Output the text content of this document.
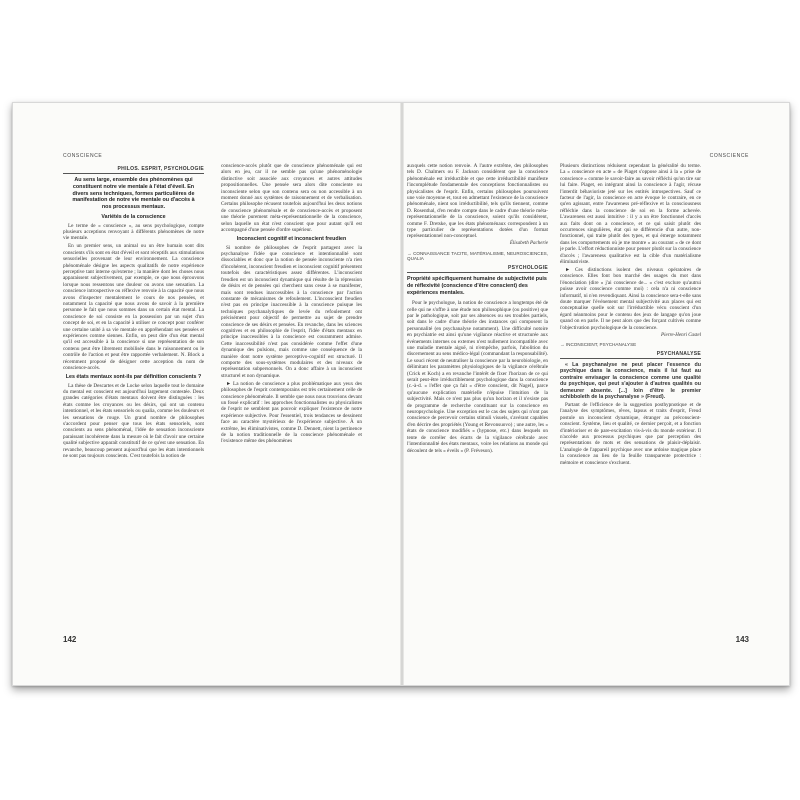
CONSCIENCE
PHILOS. ESPRIT, PSYCHOLOGIE
Au sens large, ensemble des phénomènes qui constituent notre vie mentale à l'état d'éveil. En divers sens techniques, formes particulières de manifestation de notre vie mentale ou d'accès à nos processus mentaux.
Variétés de la conscience

Le terme de « conscience », au sens psychologique, compte plusieurs acceptions renvoyant à différents phénomènes de notre vie mentale.

En un premier sens, un animal ou un être humain sont dits conscients s'ils sont en état d'éveil et sont réceptifs aux stimulations sensorielles provenant de leur environnement. La conscience phénoménale désigne les aspects qualitatifs de notre expérience perceptive tant interne qu'externe ; la manière dont les choses nous apparaissent subjectivement, par exemple, ce que nous éprouvons lorsque nous ressentons une douleur ou avons une sensation. La conscience introspective ou réflexive renvoie à la capacité que nous avons d'inspecter mentalement le cours de nos pensées, et notamment la capacité que nous avons de savoir à la première personne le fait que nous sommes dans un certain état mental. La conscience de soi consiste en la possession par un sujet d'un concept de soi, et en la capacité à utiliser ce concept pour conférer une certaine unité à sa vie mentale en appréhendant ses pensées et expériences comme siennes. Enfin, on peut dire d'un état mental qu'il est accessible à la conscience si une représentation de son contenu peut être librement mobilisée dans le raisonnement ou le contrôle de l'action et peut être rapportée verbalement. N. Block a récemment proposé de désigner cette acception du nom de conscience-accès.

Les états mentaux sont-ils par définition conscients ?

La thèse de Descartes et de Locke selon laquelle tout le domaine du mental est conscient est aujourd'hui largement contestée. Deux grandes catégories d'états mentaux doivent être distinguées : les états comme les croyances ou les désirs, qui ont un contenu intentionnel, et les états sensoriels ou qualia, comme les douleurs et les sensations de rouge. Un grand nombre de philosophes s'accordent pour penser que tous les états sensoriels, sont conscients au sens phénoménal, l'idée de sensation inconsciente paraissant incohérente dans la mesure où le fait d'avoir une certaine qualité subjective apparaît constitutif de ce qu'est une sensation. En revanche, beaucoup pensent aujourd'hui que les états intentionnels ne sont pas toujours conscients. C'est toutefois la notion de

conscience-accès plutôt que de conscience phénoménale qui est alors en jeu, car il ne semble pas qu'une phénoménologie distinctive soit associée aux croyances et autres attitudes propositionnelles. Une pensée sera alors dite consciente ou inconsciente selon que son contenu sera ou non accessible à un moment donné aux systèmes de raisonnement et de verbalisation. Certains philosophe récusent toutefois aujourd'hui les deux notions de conscience phénoménale et de conscience-accès et proposent une théorie purement méta-représentationnelle de la conscience, selon laquelle un état n'est conscient que pour autant qu'il est accompagné d'une pensée d'ordre supérieur.

Inconscient cognitif et inconscient freudien

Si nombre de philosophes de l'esprit partagent avec la psychanalyse l'idée que conscience et intentionnalité sont dissociables et donc que la notion de pensée inconsciente n'a rien d'incohérent, inconscient freudien et inconscient cognitif présentent toutefois des caractéristiques assez différentes. L'inconscient freudien est un inconscient dynamique qui résulte de la répression de désirs et de pensées qui cherchent sans cesse à se manifester, mais sont rendues inaccessibles à la conscience par l'action constante de mécanismes de refoulement. L'inconscient freudien n'est pas en principe inaccessible à la conscience puisque les techniques psychanalytiques de levée du refoulement ont précisément pour objectif de permettre au sujet de prendre conscience de ses désirs et pensées. En revanche, dans les sciences cognitives et en philosophie de l'esprit, l'idée d'états mentaux en principe inaccessibles à la conscience est couramment admise. Cette inaccessibilité n'est pas considérée comme l'effet d'une dynamique des pulsions, mais comme une conséquence de la manière dont notre système perceptivo-cognitif est structuré. Il comporte des sous-systèmes modulaires et des niveaux de représentation subpersonnels. On a donc affaire à un inconscient structurel et non dynamique.

► La notion de conscience a plus problématique aux yeux des philosophes de l'esprit contemporains est très certainement celle de conscience phénoménale. Il semble que nous nous trouvions devant un fossé explicatif : les approches fonctionnalistes ou physicalistes de l'esprit ne semblent pas pouvoir expliquer l'existence de notre expérience subjective. Pour l'essentiel, trois tendances se dessinent face au caractère mystérieux de l'expérience subjective. À un extrême, les éliminativistes, comme D. Dennett, nient la pertinence de la notion traditionnelle de la conscience phénoménale et l'existence même des phénomènes

142
CONSCIENCE

auxquels cette notion renvoie. À l'autre extrême, des philosophes tels D. Chalmers ou F. Jackson considèrent que la conscience phénoménale est irréductible et que cette irréductibilité manifeste l'incomplétude fondamentale des conceptions fonctionnalistes ou physicalistes de l'esprit. Enfin, certains philosophes poursuivent une voie moyenne et, tout en admettant l'existence de la conscience phénoménale, nient son irréductibilité, tels qu'ils tiennent, comme D. Rosenthal, d'en rendre compte dans le cadre d'une théorie méta-représentationnelle de la conscience, soient qu'ils considèrent, comme F. Dretske, que les états phénoménaux correspondent à un type particulier de représentations dotées d'un format représentationnel non-conceptuel.

Élisabeth Pacherie
→ CONNAISSANCE TACITE, MATÉRIALISME, NEUROSCIENCES, QUALIA
PSYCHOLOGIE
Propriété spécifiquement humaine de subjectivité puis de réflexivité (conscience d'être conscient) des expériences mentales.

Pour le psychologue, la notion de conscience a longtemps été de celle qui ne s'offre à une étude non philosophique (ou positive) que par le pathologique, soit par ses absences ou ses troubles partiels, soit dans le cadre d'une théorie des instances qui composent la personnalité (en psychanalyse notamment). Une difficulté notoire en psychiatrie est ainsi qu'une vigilance réactive et structurée aux événements internes ou externes n'est nullement incompatible avec une maladie mentale aiguë, ni n'empêche, parfois, l'abolition du discernement au sens médico-légal (commandant la responsabilité). Le souci récent de neutraliser la conscience par la neurobiologie, en délimitant les paramètres physiologiques de la vigilance cérébrale (Crick et Koch) a en revanche l'intérêt de fixer l'horizon de ce qui serait peut-être irréductiblement psychologique dans la conscience (c.-à-d. « l'effet que ça fait » d'être conscient, dit Nagel), parce qu'aucune explication matérielle n'épuise l'intuition de la subjectivité. Mais ce n'est pas plus qu'un horizon et il n'existe pas de programme de recherche constituant sur la conscience en neuropsychologie. Une exception est le cas des sujets qui n'ont pas conscience de percevoir certains stimuli visuels, s'avérant capables d'en décrire des propriétés (Young et Revonsuovo) ; une autre, les « états de conscience modifiés » (hypnose, etc.) dans lesquels on tente de corréler des écarts de la vigilance cérébrale avec l'intentionnalité des états mentaux, voire les relations au monde qui découlent de tels « éveils » (P. Fréveson).

Plusieurs distinctions réduisent cependant la généralité du terme. La « conscience en acte » de Piaget s'oppose ainsi à la « prise de conscience » comme le savoir-faire au savoir réfléchi qu'on tire sur lui faire. Piaget, en intégrant ainsi la conscience à l'agir, récuse l'interdit béhavioriste jeté sur les entités introspectives. Sauf ce facteur de l'agir, la conscience en acte évoque le contraire, en ce qu'en agissant, entre l'awareness pré-réflexive et la consciousness réfléchie dans la conscience de soi en la forme achevée. L'awareness est aussi intuitive : il y a un être fonctionnel d'accès aux faits dont on a conscience, et ce qui saisit plutôt des occurrences singulières, état qui se différencie d'un autre, non-fonctionnel, qui traite plutôt des types, et qui émerge notamment dans les comportements où je me montre « au courant » de ce dont je parle. L'effort réductionniste pour penser plutôt sur la conscience d'accès ; l'awareness qualitative est la cible d'un matérialisme éliminativiste.

► Ces distinctions isolent des niveaux opératoires de conscience. Elles font bon marché des usages du mot dans l'énonciation (dire « j'ai conscience de... » c'est exclure qu'autrui puisse avoir conscience comme moi) : cela n'a ni conscience informatif, ni n'en revendiquant. Ainsi la conscience sera-t-elle sans doute marquer l'événement mental subjectivité aux places qui est conceptualise quelle soit sur l'irréductible vécu conscient d'un égard néanmoins pour le contenu des jeux de langage qu'on joue quand on en parle. Il ne peut alors que des forçant cultivés comme l'objectivation psychologique de la conscience.

Pierre-Henri Castel
→ INCONSCIENT, PSYCHANALYSE
PSYCHANALYSE

« La psychanalyse ne peut placer l'essence du psychique dans la conscience, mais il lui faut au contraire envisager la conscience comme une qualité du psychique, qui peut s'ajouter à d'autres qualités ou demeurer absente. [...] loin d'être le premier schibboleth de la psychanalyse » (Freud).

Partant de l'efficience de la suggestion posthypnotique et de l'analyse des symptômes, rêves, lapsus et traits d'esprit, Freud postule un inconscient dynamique, étranger au préconscient-conscient. Système, lieu et qualité, ce dernier perçoit, et a fonction d'intérioriser et de pare-excitation vis-à-vis du monde extérieur. Il n'accède aux processus psychiques que par perception des représentations de mots et des sensations de plaisir-déplaisir. L'analogie de l'appareil psychique avec une ardoise magique place la conscience au lieu de la feuille transparente protectrice : mémoire et conscience s'excluent.

143
